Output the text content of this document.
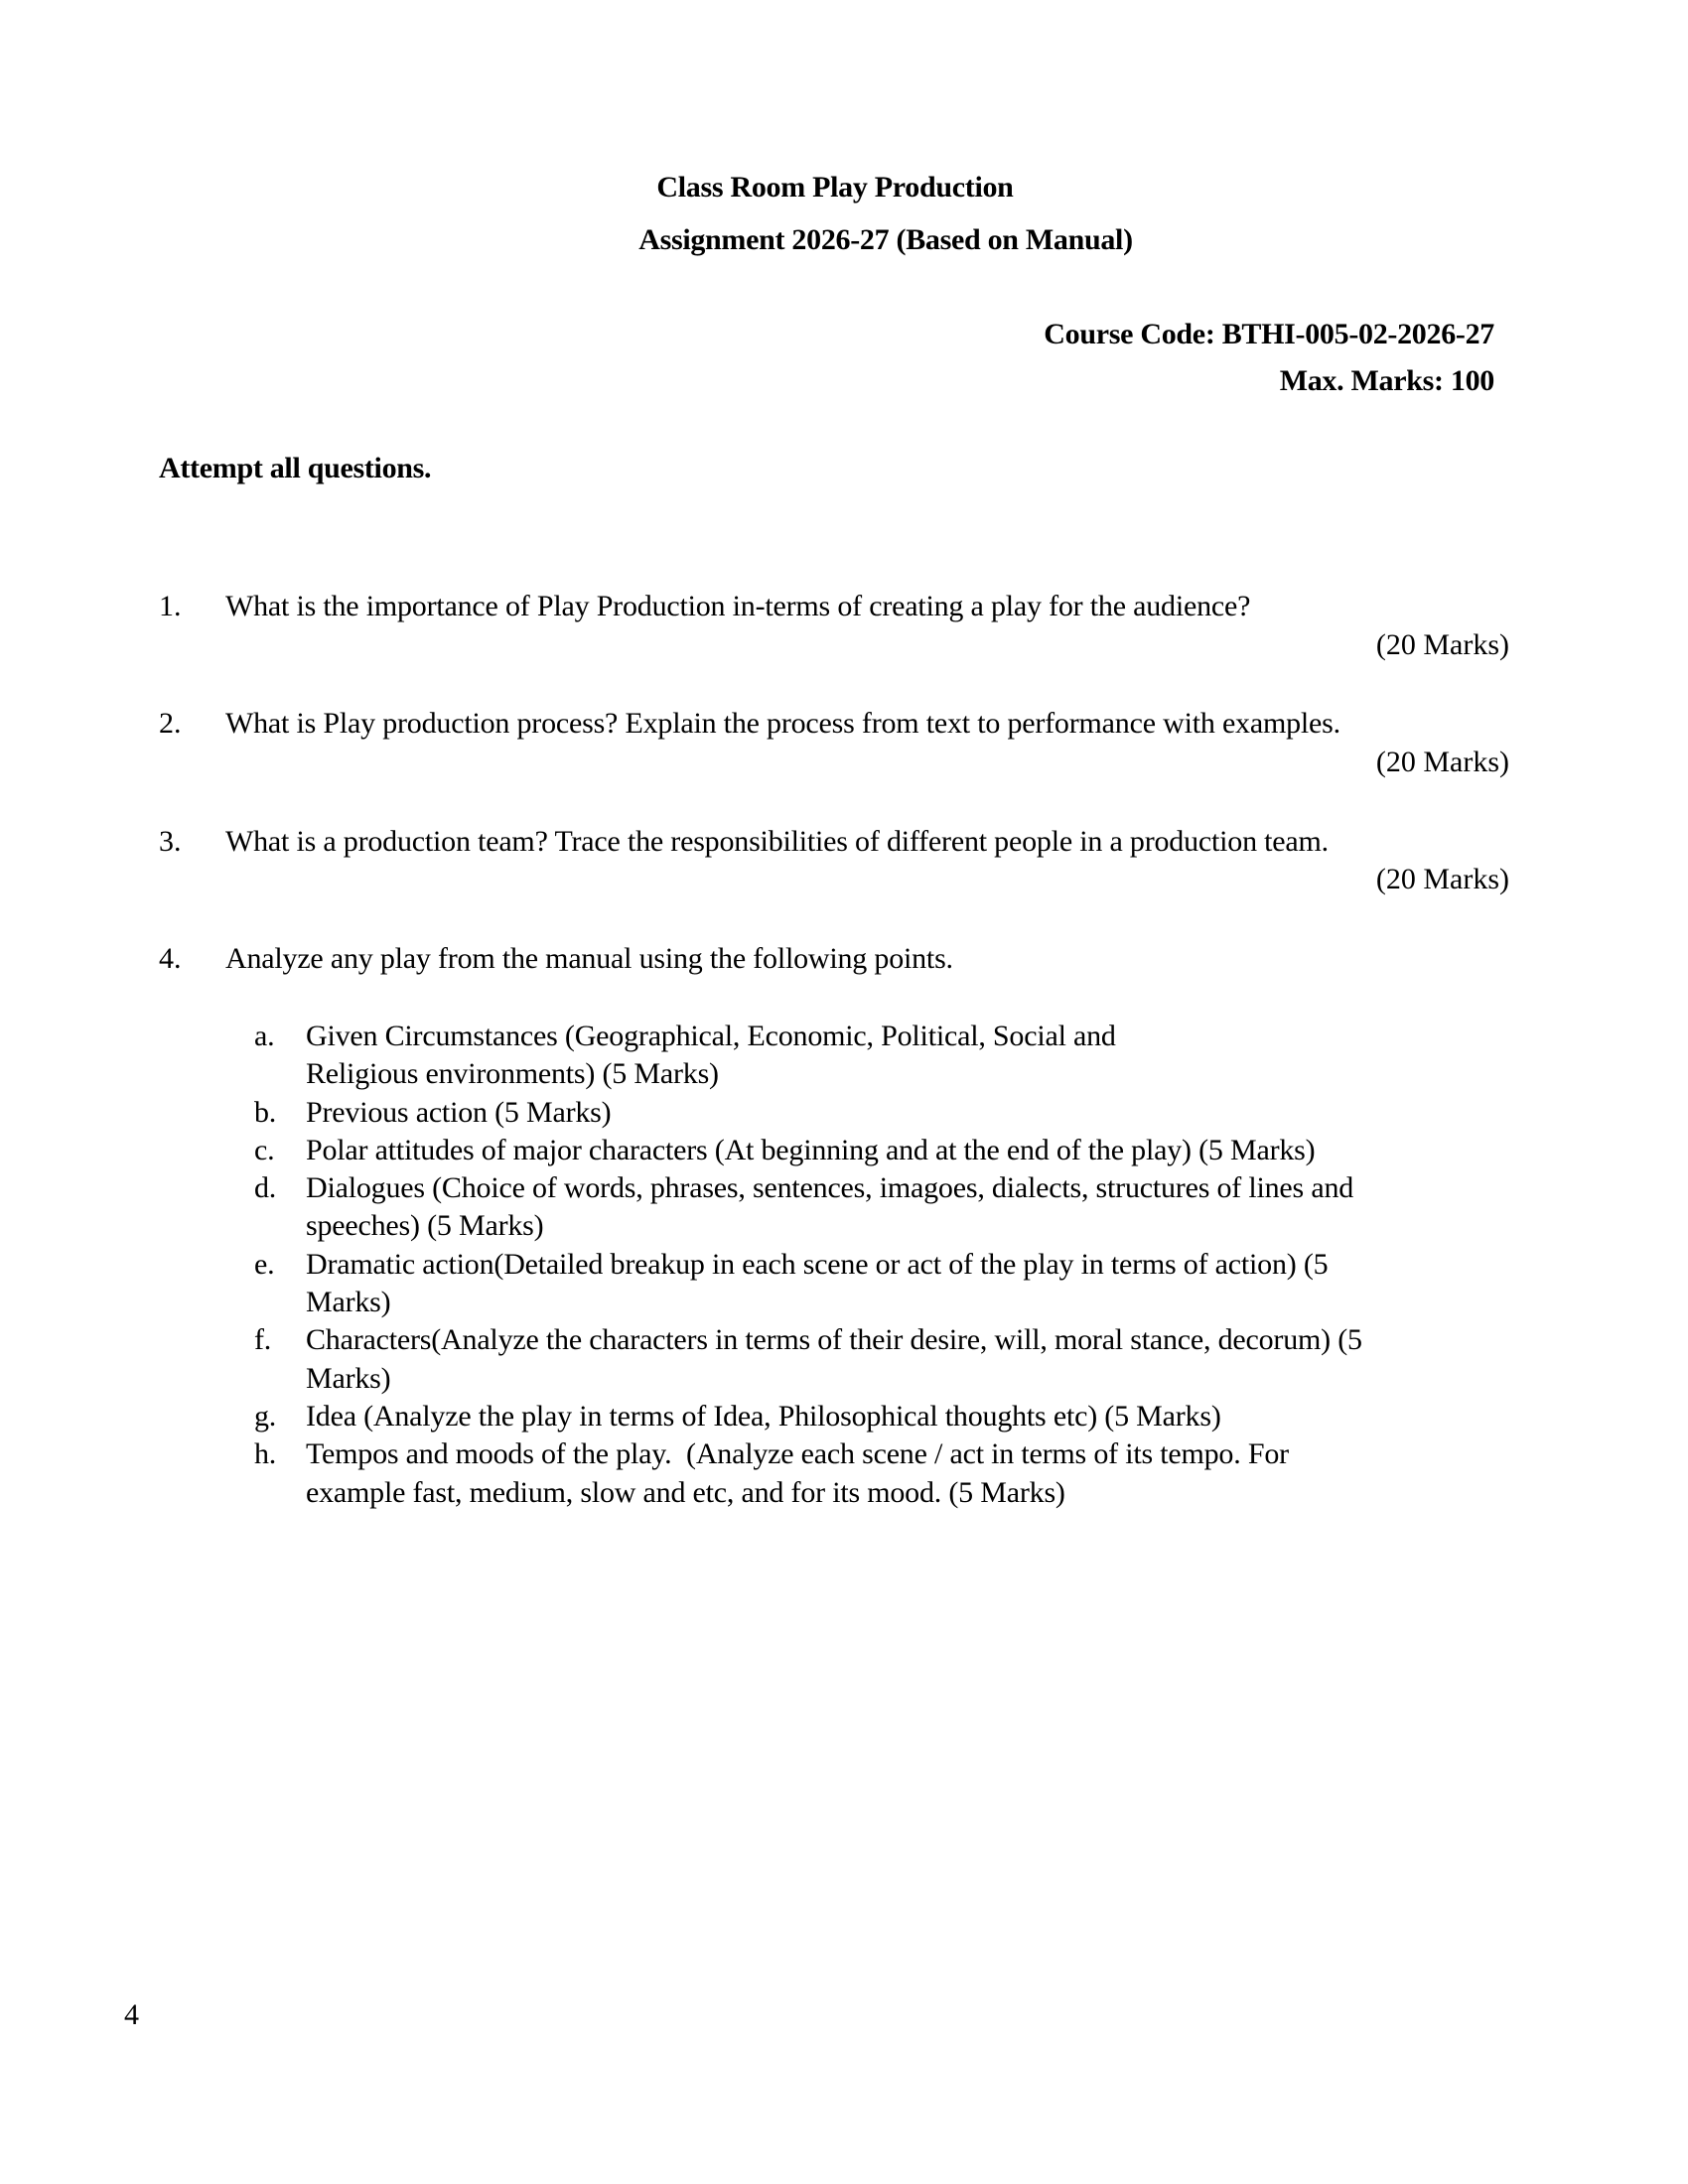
Class Room Play Production
Assignment 2026-27 (Based on Manual)
Course Code: BTHI-005-02-2026-27
Max. Marks: 100
Attempt all questions.
1. What is the importance of Play Production in-terms of creating a play for the audience?
(20 Marks)
2. What is Play production process? Explain the process from text to performance with examples.
(20 Marks)
3. What is a production team? Trace the responsibilities of different people in a production team.
(20 Marks)
4. Analyze any play from the manual using the following points.
a. Given Circumstances (Geographical, Economic, Political, Social and
Religious environments) (5 Marks)
b. Previous action (5 Marks)
c. Polar attitudes of major characters (At beginning and at the end of the play) (5 Marks)
d. Dialogues (Choice of words, phrases, sentences, imagoes, dialects, structures of lines and
speeches) (5 Marks)
e. Dramatic action(Detailed breakup in each scene or act of the play in terms of action) (5
Marks)
f. Characters(Analyze the characters in terms of their desire, will, moral stance, decorum) (5
Marks)
g. Idea (Analyze the play in terms of Idea, Philosophical thoughts etc) (5 Marks)
h. Tempos and moods of the play.  (Analyze each scene / act in terms of its tempo. For
example fast, medium, slow and etc, and for its mood. (5 Marks)
4
